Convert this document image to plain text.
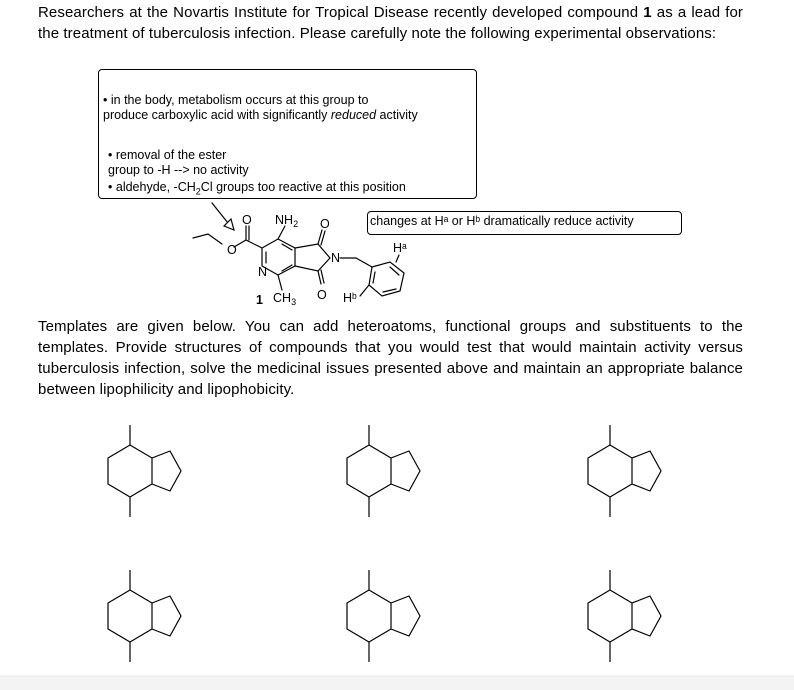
Researchers at the Novartis Institute for Tropical Disease recently developed compound 1 as a lead for the treatment of tuberculosis infection. Please carefully note the following experimental observations:
• in the body, metabolism occurs at this group to
produce carboxylic acid with significantly reduced activity
• removal of the ester
group to -H --> no activity
• aldehyde, $-CH_2Cl$ groups too reactive at this position
changes at Hᵃ or Hᵇ dramatically reduce activity
O
O $NH_2$ O
N
N
$CH_3$ O Hᵇ
Hᵃ
1
Templates are given below. You can add heteroatoms, functional groups and substituents to the templates. Provide structures of compounds that you would test that would maintain activity versus tuberculosis infection, solve the medicinal issues presented above and maintain an appropriate balance between lipophilicity and lipophobicity.
